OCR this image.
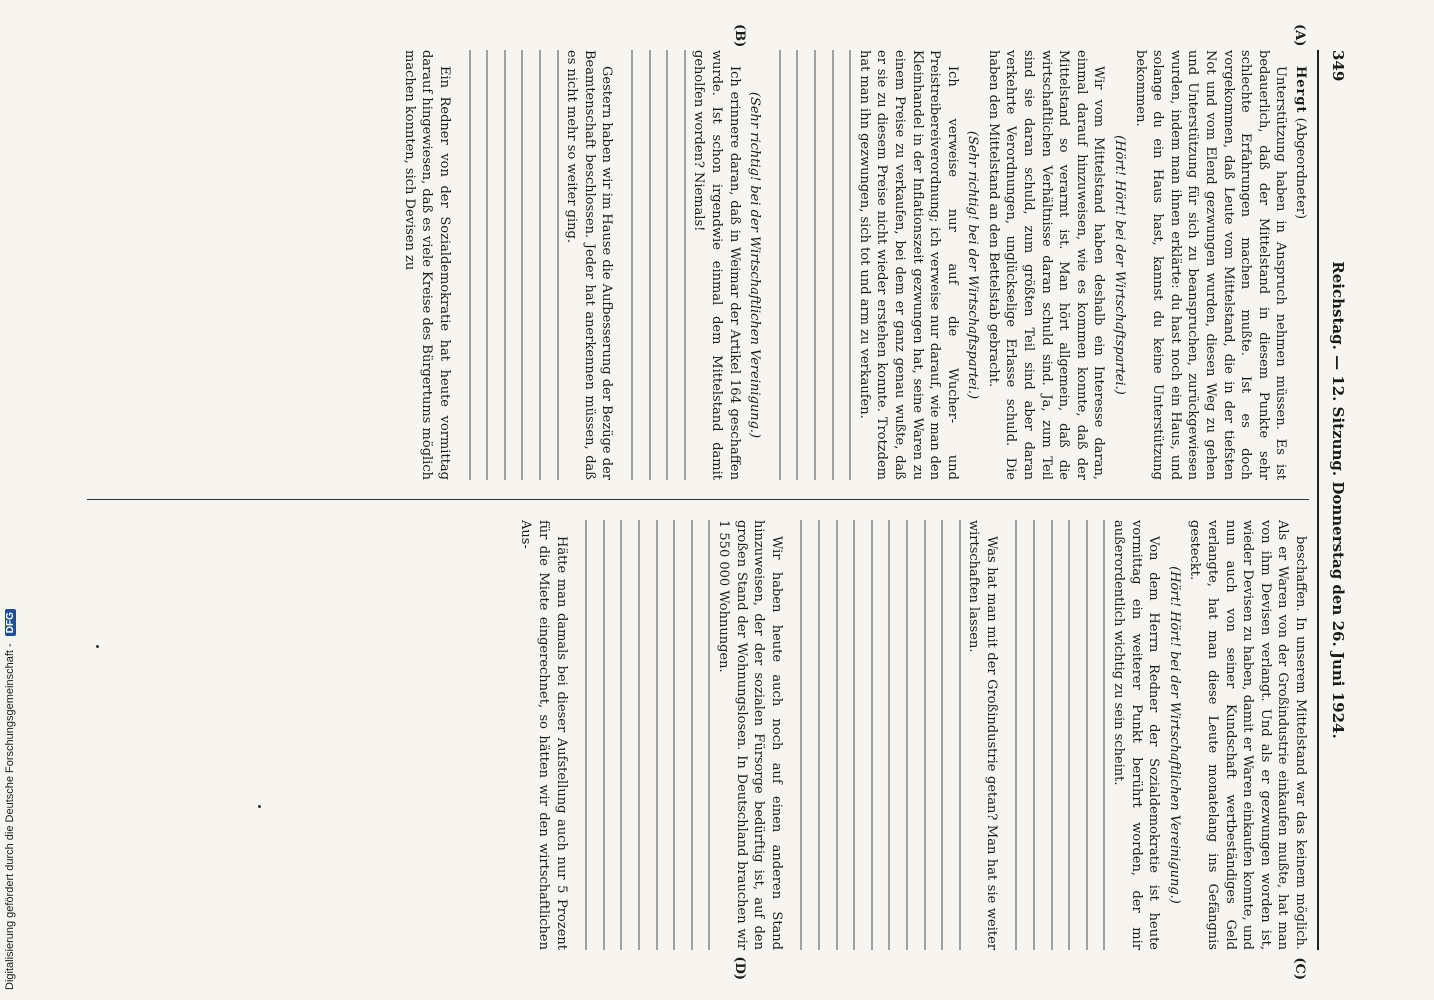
349
Reichstag. — 12. Sitzung. Donnerstag den 26. Juni 1924.
(A)
(B)
(C)
(D)

Hergt (Abgeordneter)

Unterstützung haben in Anspruch nehmen müssen. Es ist bedauerlich, daß der Mittelstand in diesem Punkte sehr schlechte Erfahrungen machen mußte. Ist es doch vorgekommen, daß Leute vom Mittelstand, die in der tiefsten Not und vom Elend gezwungen wurden, diesen Weg zu gehen und Unterstützung für sich zu beanspruchen, zurückgewiesen wurden, indem man ihnen erklärte: du hast noch ein Haus, und solange du ein Haus hast, kannst du keine Unterstützung bekommen.

(Hört! Hört! bei der Wirtschaftspartei.)

Wir vom Mittelstand haben deshalb ein Interesse daran, einmal darauf hinzuweisen, wie es kommen konnte, daß der Mittelstand so verarmt ist. Man hört allgemein, daß die wirtschaftlichen Verhältnisse daran schuld sind. Ja, zum Teil sind sie daran schuld, zum größten Teil sind aber daran verkehrte Verordnungen, unglückselige Erlasse schuld. Die haben den Mittelstand an den Bettelstab gebracht.

(Sehr richtig! bei der Wirtschaftspartei.)

Ich verweise nur auf die Wucher- und Preistreibereiverordnung; ich verweise nur darauf, wie man den Kleinhandel in der Inflationszeit gezwungen hat, seine Waren zu einem Preise zu verkaufen, bei dem er ganz genau wußte, daß er sie zu diesem Preise nicht wieder erstehen konnte. Trotzdem hat man ihn gezwungen, sich tot und arm zu verkaufen.

(Sehr richtig! bei der Wirtschaftlichen Vereinigung.)

Ich erinnere daran, daß in Weimar der Artikel 164 geschaffen wurde. Ist schon irgendwie einmal dem Mittelstand damit geholfen worden? Niemals!

Gestern haben wir im Hause die Aufbesserung der Bezüge der Beamtenschaft beschlossen. Jeder hat anerkennen müssen, daß es nicht mehr so weiter ging.

Ein Redner von der Sozialdemokratie hat heute vormittag darauf hingewiesen, daß es viele Kreise des Bürgertums möglich machen konnten, sich Devisen zu

beschaffen. In unserem Mittelstand war das keinem möglich. Als er Waren von der Großindustrie einkaufen mußte, hat man von ihm Devisen verlangt. Und als er gezwungen worden ist, wieder Devisen zu haben, damit er Waren einkaufen konnte, und nun auch von seiner Kundschaft wertbeständiges Geld verlangte, hat man diese Leute monatelang ins Gefängnis gesteckt.

(Hört! Hört! bei der Wirtschaftlichen Vereinigung.)

Von dem Herrn Redner der Sozialdemokratie ist heute vormittag ein weiterer Punkt berührt worden, der mir außerordentlich wichtig zu sein scheint.

Was hat man mit der Großindustrie getan? Man hat sie weiter wirtschaften lassen.

Wir haben heute auch noch auf einen anderen Stand hinzuweisen, der der sozialen Fürsorge bedürftig ist, auf den großen Stand der Wohnungslosen. In Deutschland brauchen wir 1 550 000 Wohnungen.

Hätte man damals bei dieser Aufstellung auch nur 5 Prozent für die Miete eingerechnet, so hätten wir den wirtschaftlichen Aus-

Digitalisierung gefördert durch die Deutsche Forschungsgemeinschaft - DFG
